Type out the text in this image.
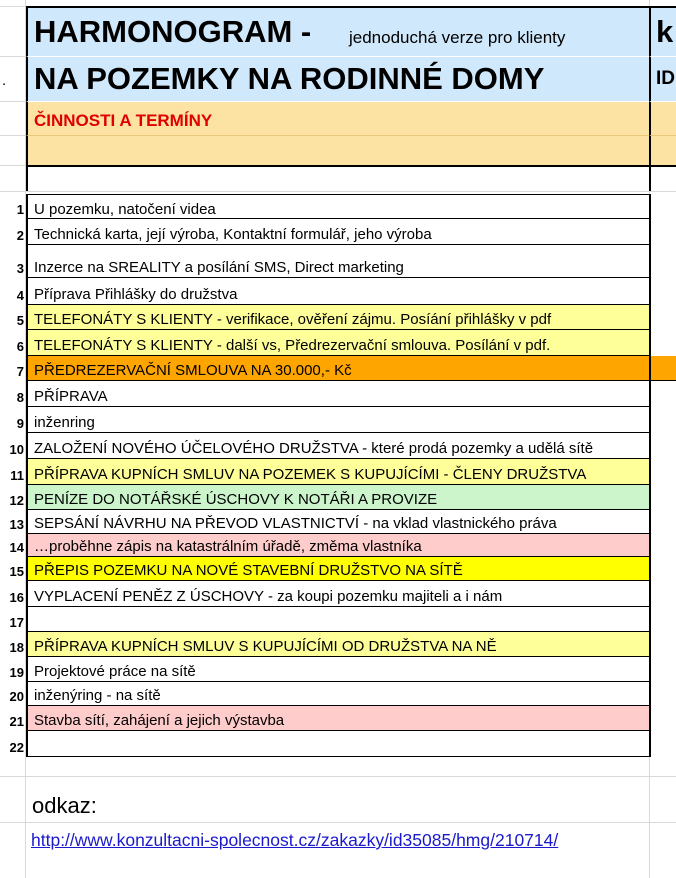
HARMONOGRAM - jednoduchá verze pro klienty	k
NA POZEMKY NA RODINNÉ DOMY	ID
.
ČINNOSTI A TERMÍNY
1 U pozemku, natočení videa
2 Technická karta, její výroba, Kontaktní formulář, jeho výroba
3 Inzerce na SREALITY a posílání SMS, Direct marketing
4 Příprava Přihlášky do družstva
5 TELEFONÁTY S KLIENTY - verifikace, ověření zájmu. Posíání přihlášky v pdf
6 TELEFONÁTY S KLIENTY - další vs, Předrezervační smlouva. Posílání v pdf.
7 PŘEDREZERVAČNÍ SMLOUVA NA 30.000,- Kč
8 PŘÍPRAVA
9 inženring
10 ZALOŽENÍ NOVÉHO ÚČELOVÉHO DRUŽSTVA - které prodá pozemky a udělá sítě
11 PŘÍPRAVA KUPNÍCH SMLUV NA POZEMEK S KUPUJÍCÍMI - ČLENY DRUŽSTVA
12 PENÍZE DO NOTÁŘSKÉ ÚSCHOVY K NOTÁŘI A PROVIZE
13 SEPSÁNÍ NÁVRHU NA PŘEVOD VLASTNICTVÍ - na vklad vlastnického práva
14 …proběhne zápis na katastrálním úřadě, změma vlastníka
15 PŘEPIS POZEMKU NA NOVÉ STAVEBNÍ DRUŽSTVO NA SÍTĚ
16 VYPLACENÍ PENĚZ Z ÚSCHOVY - za koupi pozemku majiteli a i nám
17
18 PŘÍPRAVA KUPNÍCH SMLUV S KUPUJÍCÍMI OD DRUŽSTVA NA NĚ
19 Projektové práce na sítě
20 inženýring - na sítě
21 Stavba sítí, zahájení a jejich výstavba
22
odkaz:
http://www.konzultacni-spolecnost.cz/zakazky/id35085/hmg/210714/
